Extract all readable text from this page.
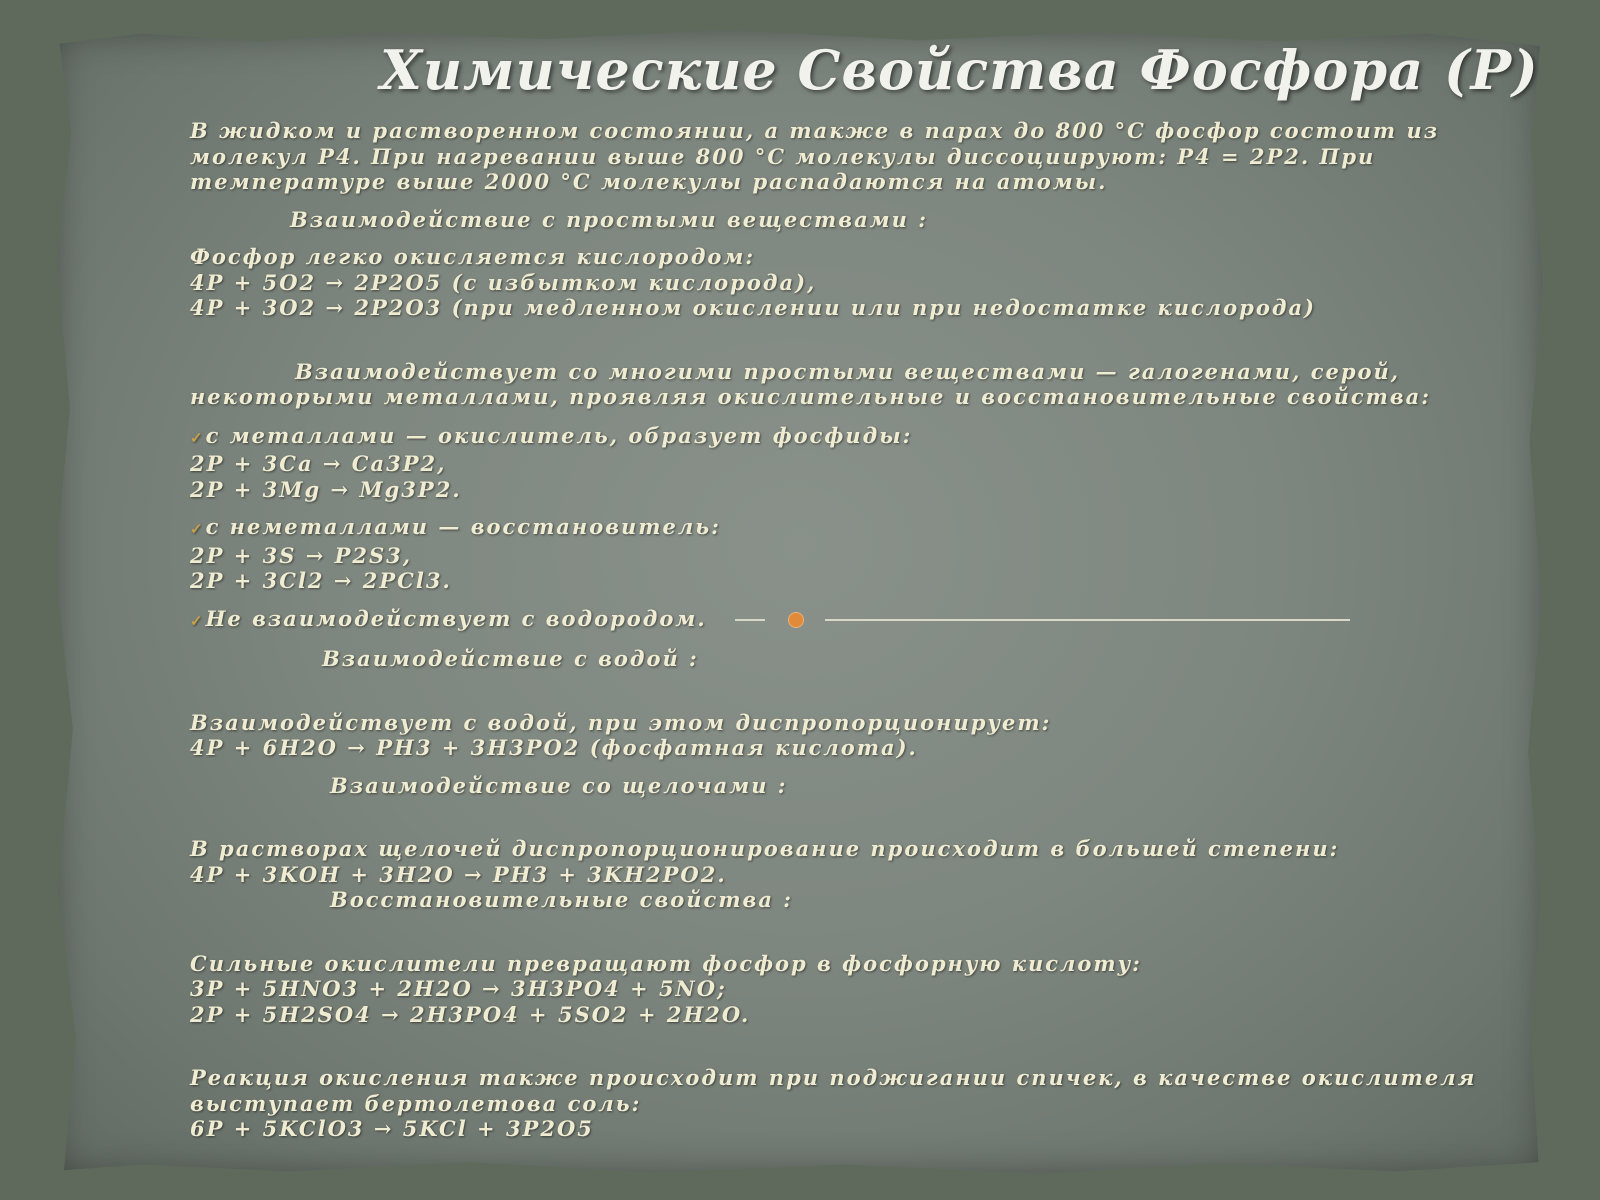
Химические Свойства Фосфора (Р)

В жидком и растворенном состоянии, а также в парах до 800 °С фосфор состоит из
молекул Р4. При нагревании выше 800 °С молекулы диссоциируют: Р4 = 2Р2. При
температуре выше 2000 °С молекулы распадаются на атомы.

Взаимодействие с простыми веществами :

Фосфор легко окисляется кислородом:
4P + 5O2 → 2P2O5 (с избытком кислорода),
4P + 3O2 → 2P2O3 (при медленном окислении или при недостатке кислорода)

Взаимодействует со многими простыми веществами — галогенами, серой,
некоторыми металлами, проявляя окислительные и восстановительные свойства:

✓с металлами — окислитель, образует фосфиды:
2P + 3Ca → Ca3P2,
2P + 3Mg → Mg3P2.

✓с неметаллами — восстановитель:
2P + 3S → P2S3,
2P + 3Cl2 → 2PCl3.

✓Не взаимодействует с водородом.

Взаимодействие с водой :

Взаимодействует с водой, при этом диспропорционирует:
4Р + 6Н2О → РН3 + 3Н3РО2 (фосфатная кислота).

Взаимодействие со щелочами :

В растворах щелочей диспропорционирование происходит в большей степени:
4Р + 3KOH + 3Н2О → РН3 + 3KН2РО2.
Восстановительные свойства :

Сильные окислители превращают фосфор в фосфорную кислоту:
3Р + 5HNO3 + 2Н2О → 3Н3РО4 + 5NO;
2Р + 5H2SO4 → 2H3PO4 + 5SO2 + 2H2O.

Реакция окисления также происходит при поджигании спичек, в качестве окислителя
выступает бертолетова соль:
6P + 5KClO3 → 5KCl + 3P2O5
